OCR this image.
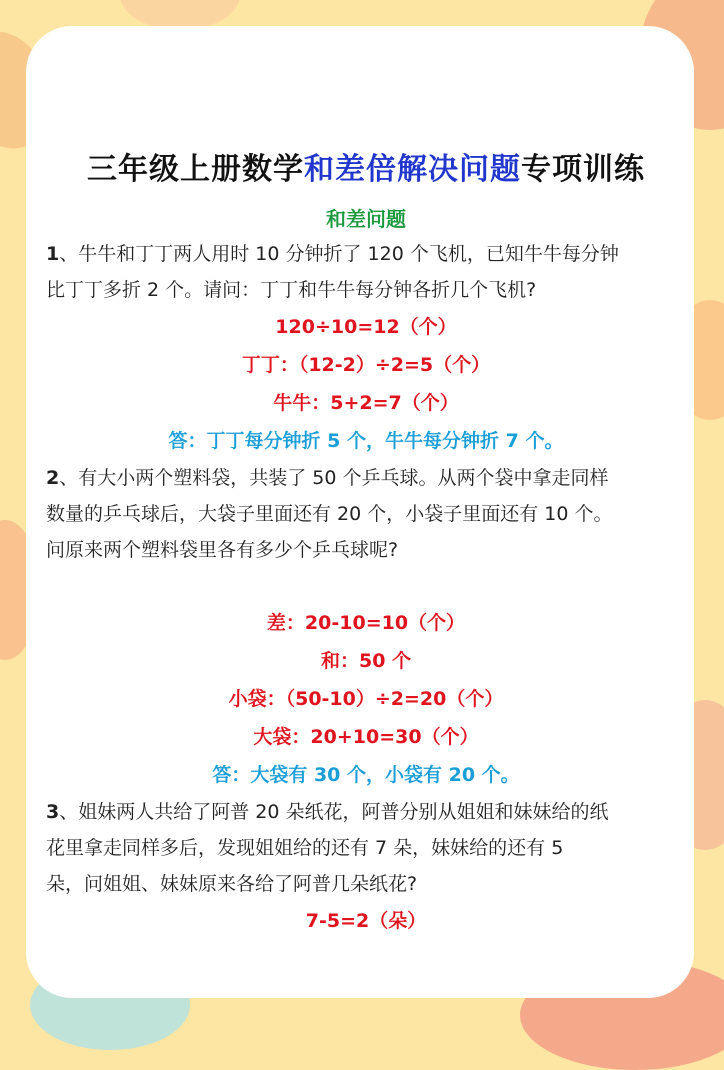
三年级上册数学和差倍解决问题专项训练
和差问题

1、牛牛和丁丁两人用时 10 分钟折了 120 个飞机，已知牛牛每分钟

比丁丁多折 2 个。请问：丁丁和牛牛每分钟各折几个飞机?

120÷10=12（个）
丁丁：（12-2）÷2=5（个）
牛牛：5+2=7（个）
答：丁丁每分钟折 5 个，牛牛每分钟折 7 个。

2、有大小两个塑料袋，共装了 50 个乒乓球。从两个袋中拿走同样

数量的乒乓球后，大袋子里面还有 20 个，小袋子里面还有 10 个。

问原来两个塑料袋里各有多少个乒乓球呢?

差：20-10=10（个）
和：50 个
小袋：（50-10）÷2=20（个）
大袋：20+10=30（个）
答：大袋有 30 个，小袋有 20 个。

3、姐妹两人共给了阿普 20 朵纸花，阿普分别从姐姐和妹妹给的纸

花里拿走同样多后，发现姐姐给的还有 7 朵，妹妹给的还有 5

朵，问姐姐、妹妹原来各给了阿普几朵纸花?

7-5=2（朵）
